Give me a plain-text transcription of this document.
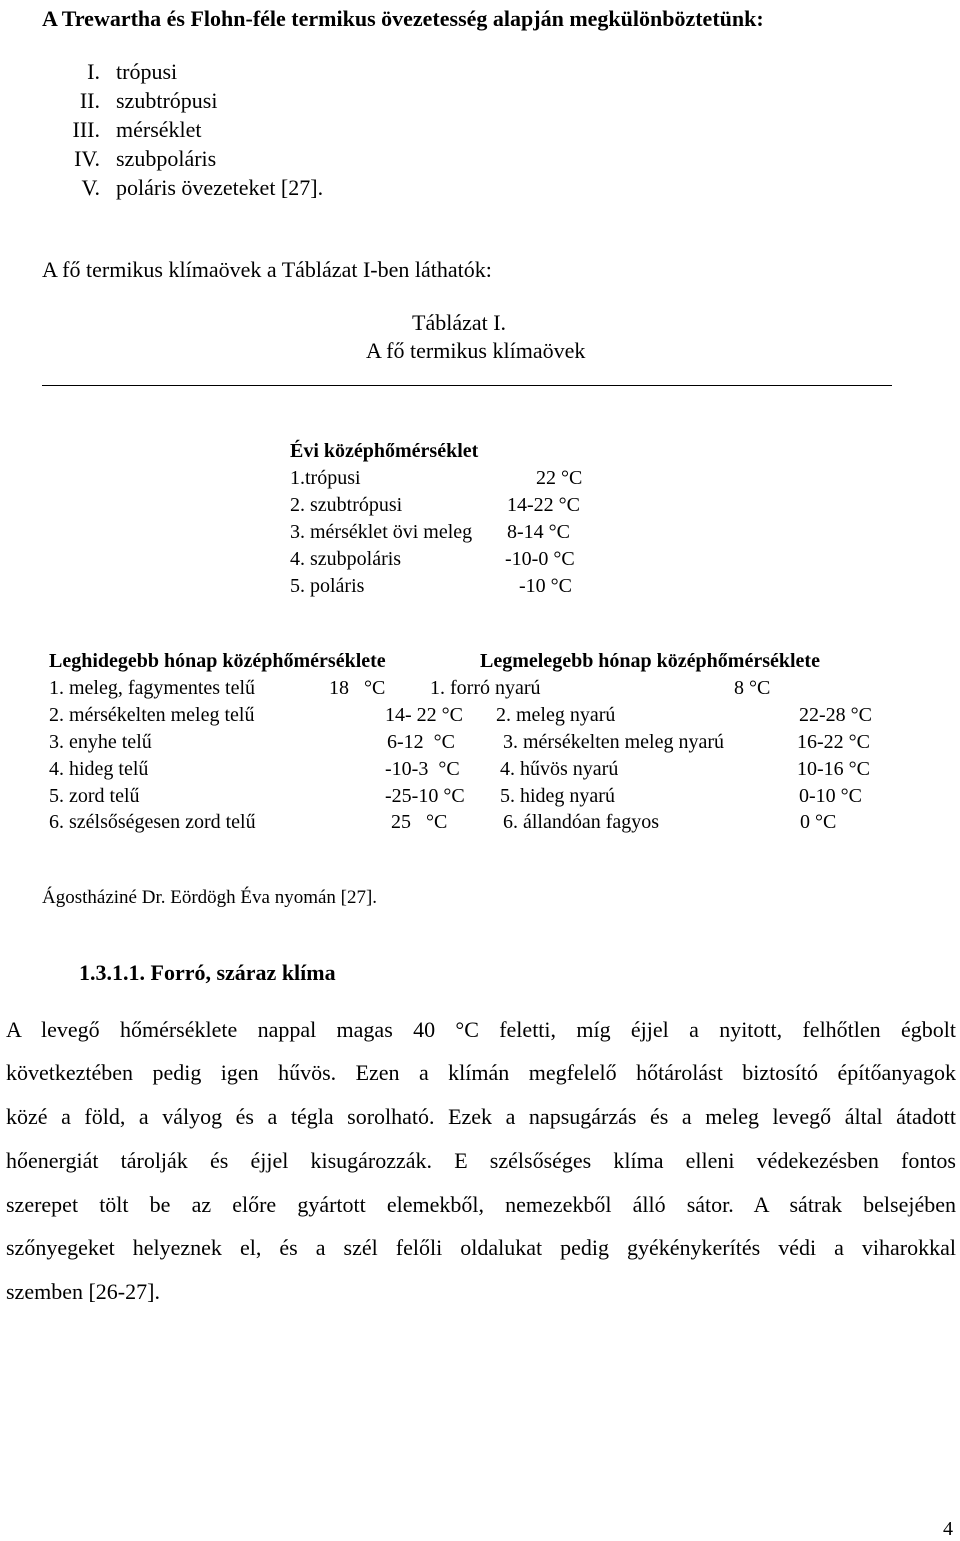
A Trewartha és Flohn-féle termikus övezetesség alapján megkülönböztetünk:
I. trópusi
II. szubtrópusi
III. mérséklet
IV. szubpoláris
V. poláris övezeteket [27].
A fő termikus klímaövek a Táblázat I-ben láthatók:
Táblázat I.
A fő termikus klímaövek
Évi középhőmérséklet
1.trópusi	22 °C
2. szubtrópusi	14-22 °C
3. mérséklet övi meleg 8-14 °C
4. szubpoláris	-10-0 °C
5. poláris	-10 °C
Leghidegebb hónap középhőmérséklete	Legmelegebb hónap középhőmérséklete
1. meleg, fagymentes telű	18   °C 1. forró nyarú	8 °C
2. mérsékelten meleg telű	14- 22 °C 2. meleg nyarú	22-28 °C
3. enyhe telű	6-12  °C 3. mérsékelten meleg nyarú	16-22 °C
4. hideg telű	-10-3  °C 4. hűvös nyarú	10-16 °C
5. zord telű	-25-10 °C 5. hideg nyarú	0-10 °C
6. szélsőségesen zord telű	25   °C	6. állandóan fagyos	0 °C
Ágostháziné Dr. Eördögh Éva nyomán [27].
1.3.1.1. Forró, száraz klíma
A levegő hőmérséklete nappal magas 40 °C feletti, míg éjjel a nyitott, felhőtlen égbolt
következtében pedig igen hűvös. Ezen a klímán megfelelő hőtárolást biztosító építőanyagok
közé a föld, a vályog és a tégla sorolható. Ezek a napsugárzás és a meleg levegő által átadott
hőenergiát tárolják és éjjel kisugározzák. E szélsőséges klíma elleni védekezésben fontos
szerepet tölt be az előre gyártott elemekből, nemezekből álló sátor. A sátrak belsejében
szőnyegeket helyeznek el, és a szél felőli oldalukat pedig gyékénykerítés védi a viharokkal
szemben [26-27].
4
